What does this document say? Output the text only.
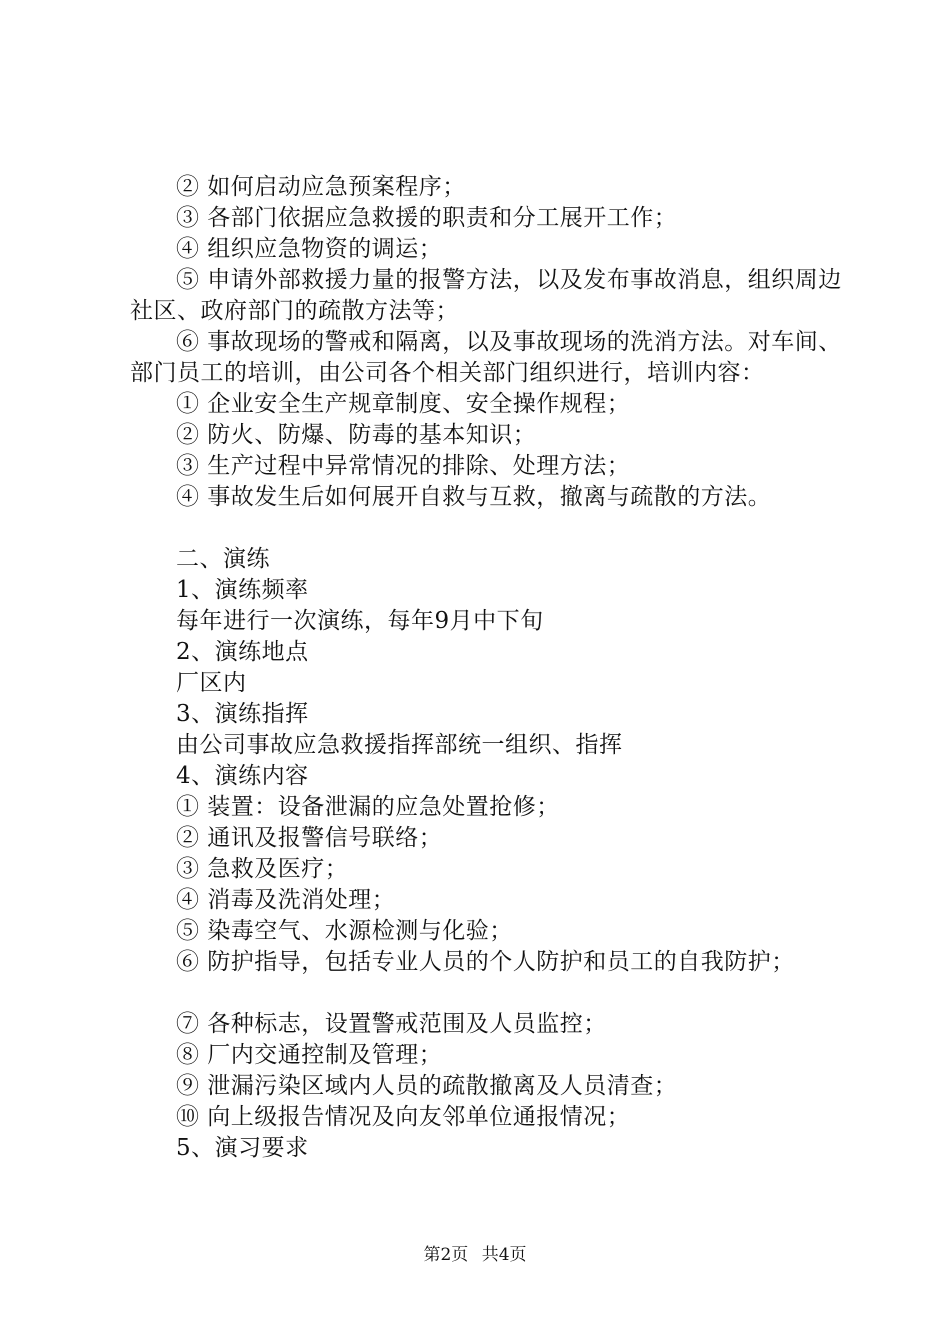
② 如何启动应急预案程序；
③ 各部门依据应急救援的职责和分工展开工作；
④ 组织应急物资的调运；
⑤ 申请外部救援力量的报警方法，以及发布事故消息，组织周边社区、政府部门的疏散方法等；
⑥ 事故现场的警戒和隔离，以及事故现场的洗消方法。对车间、部门员工的培训，由公司各个相关部门组织进行，培训内容：
① 企业安全生产规章制度、安全操作规程；
② 防火、防爆、防毒的基本知识；
③ 生产过程中异常情况的排除、处理方法；
④ 事故发生后如何展开自救与互救，撤离与疏散的方法。
二、演练
1、演练频率
每年进行一次演练，每年9月中下旬
2、演练地点
厂区内
3、演练指挥
由公司事故应急救援指挥部统一组织、指挥
4、演练内容
① 装置：设备泄漏的应急处置抢修；
② 通讯及报警信号联络；
③ 急救及医疗；
④ 消毒及洗消处理；
⑤ 染毒空气、水源检测与化验；
⑥ 防护指导，包括专业人员的个人防护和员工的自我防护；
⑦ 各种标志，设置警戒范围及人员监控；
⑧ 厂内交通控制及管理；
⑨ 泄漏污染区域内人员的疏散撤离及人员清查；
⑩ 向上级报告情况及向友邻单位通报情况；
5、演习要求
第2页 共4页
